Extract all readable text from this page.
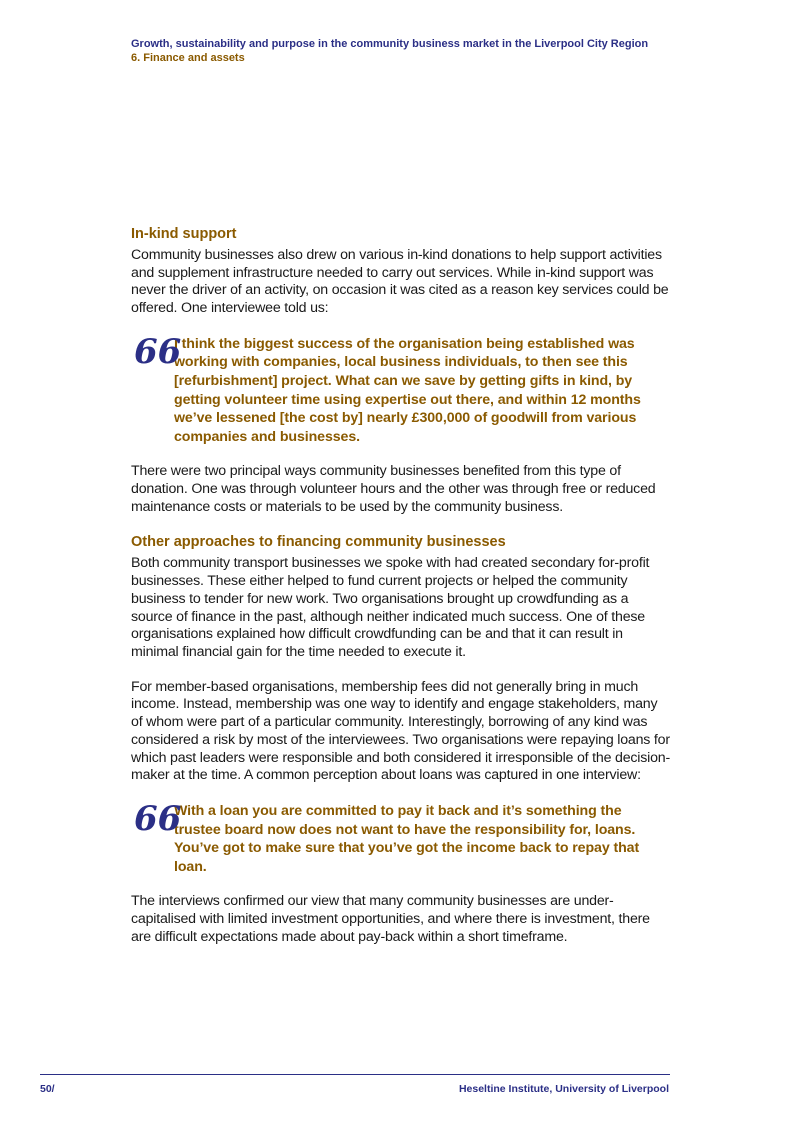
Growth, sustainability and purpose in the community business market in the Liverpool City Region
6. Finance and assets
In-kind support

Community businesses also drew on various in-kind donations to help support activities and supplement infrastructure needed to carry out services. While in-kind support was never the driver of an activity, on occasion it was cited as a reason key services could be offered. One interviewee told us:

66

I think the biggest success of the organisation being established was working with companies, local business individuals, to then see this [refurbishment] project. What can we save by getting gifts in kind, by getting volunteer time using expertise out there, and within 12 months we’ve lessened [the cost by] nearly £300,000 of goodwill from various companies and businesses.

There were two principal ways community businesses benefited from this type of donation. One was through volunteer hours and the other was through free or reduced maintenance costs or materials to be used by the community business.

Other approaches to financing community businesses

Both community transport businesses we spoke with had created secondary for-profit businesses. These either helped to fund current projects or helped the community business to tender for new work. Two organisations brought up crowdfunding as a source of finance in the past, although neither indicated much success. One of these organisations explained how difficult crowdfunding can be and that it can result in minimal financial gain for the time needed to execute it.

For member-based organisations, membership fees did not generally bring in much income. Instead, membership was one way to identify and engage stakeholders, many of whom were part of a particular community. Interestingly, borrowing of any kind was considered a risk by most of the interviewees. Two organisations were repaying loans for which past leaders were responsible and both considered it irresponsible of the decision-maker at the time. A common perception about loans was captured in one interview:

66

With a loan you are committed to pay it back and it’s something the trustee board now does not want to have the responsibility for, loans. You’ve got to make sure that you’ve got the income back to repay that loan.

The interviews confirmed our view that many community businesses are under-capitalised with limited investment opportunities, and where there is investment, there are difficult expectations made about pay-back within a short timeframe.

50/	Heseltine Institute, University of Liverpool
